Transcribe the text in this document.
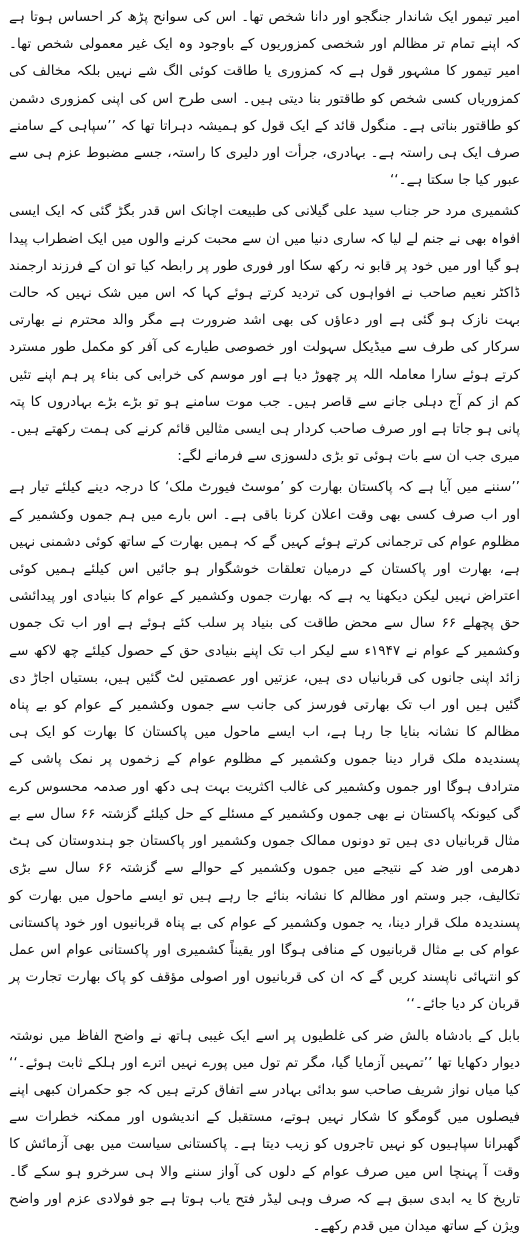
امیر تیمور ایک شاندار جنگجو اور دانا شخص تھا۔ اس کی سوانح پڑھ کر احساس ہوتا ہے کہ اپنے تمام تر مظالم اور شخصی کمزوریوں کے باوجود وہ ایک غیر معمولی شخص تھا۔ امیر تیمور کا مشہور قول ہے کہ کمزوری یا طاقت کوئی الگ شے نہیں بلکہ مخالف کی کمزوریاں کسی شخص کو طاقتور بنا دیتی ہیں۔ اسی طرح اس کی اپنی کمزوری دشمن کو طاقتور بناتی ہے۔ منگول قائد کے ایک قول کو ہمیشہ دہراتا تھا کہ ’’سپاہی کے سامنے صرف ایک ہی راستہ ہے۔ بہادری، جرأت اور دلیری کا راستہ، جسے مضبوط عزم ہی سے عبور کیا جا سکتا ہے۔‘‘

کشمیری مرد حر جناب سید علی گیلانی کی طبیعت اچانک اس قدر بگڑ گئی کہ ایک ایسی افواہ بھی نے جنم لے لیا کہ ساری دنیا میں ان سے محبت کرنے والوں میں ایک اضطراب پیدا ہو گیا اور میں خود پر قابو نہ رکھ سکا اور فوری طور پر رابطہ کیا تو ان کے فرزند ارجمند ڈاکٹر نعیم صاحب نے افواہوں کی تردید کرتے ہوئے کہا کہ اس میں شک نہیں کہ حالت بہت نازک ہو گئی ہے اور دعاؤں کی بھی اشد ضرورت ہے مگر والد محترم نے بھارتی سرکار کی طرف سے میڈیکل سہولت اور خصوصی طیارے کی آفر کو مکمل طور مسترد کرتے ہوئے سارا معاملہ اللہ پر چھوڑ دیا ہے اور موسم کی خرابی کی بناء پر ہم اپنے تئیں کم از کم آج دہلی جانے سے قاصر ہیں۔ جب موت سامنے ہو تو بڑے بڑے بہادروں کا پتہ پانی ہو جاتا ہے اور صرف صاحب کردار ہی ایسی مثالیں قائم کرنے کی ہمت رکھتے ہیں۔ میری جب ان سے بات ہوئی تو بڑی دلسوزی سے فرمانے لگے:

’’سننے میں آیا ہے کہ پاکستان بھارت کو ’موسٹ فیورٹ ملک‘ کا درجہ دینے کیلئے تیار ہے اور اب صرف کسی بھی وقت اعلان کرنا باقی ہے۔ اس بارے میں ہم جموں وکشمیر کے مظلوم عوام کی ترجمانی کرتے ہوئے کہیں گے کہ ہمیں بھارت کے ساتھ کوئی دشمنی نہیں ہے، بھارت اور پاکستان کے درمیان تعلقات خوشگوار ہو جائیں اس کیلئے ہمیں کوئی اعتراض نہیں لیکن دیکھنا یہ ہے کہ بھارت جموں وکشمیر کے عوام کا بنیادی اور پیدائشی حق پچھلے ۶۶ سال سے محض طاقت کی بنیاد پر سلب کئے ہوئے ہے اور اب تک جموں وکشمیر کے عوام نے ۱۹۴۷ء سے لیکر اب تک اپنے بنیادی حق کے حصول کیلئے چھ لاکھ سے زائد اپنی جانوں کی قربانیاں دی ہیں، عزتیں اور عصمتیں لٹ گئیں ہیں، بستیاں اجاڑ دی گئیں ہیں اور اب تک بھارتی فورسز کی جانب سے جموں وکشمیر کے عوام کو بے پناہ مظالم کا نشانہ بنایا جا رہا ہے، اب ایسے ماحول میں پاکستان کا بھارت کو ایک ہی پسندیدہ ملک قرار دینا جموں وکشمیر کے مظلوم عوام کے زخموں پر نمک پاشی کے مترادف ہوگا اور جموں وکشمیر کی غالب اکثریت بہت ہی دکھ اور صدمہ محسوس کرے گی کیونکہ پاکستان نے بھی جموں وکشمیر کے مسئلے کے حل کیلئے گزشتہ ۶۶ سال سے بے مثال قربانیاں دی ہیں تو دونوں ممالک جموں وکشمیر اور پاکستان جو ہندوستان کی ہٹ دھرمی اور ضد کے نتیجے میں جموں وکشمیر کے حوالے سے گزشتہ ۶۶ سال سے بڑی تکالیف، جبر وستم اور مظالم کا نشانہ بنائے جا رہے ہیں تو ایسے ماحول میں بھارت کو پسندیدہ ملک قرار دینا، یہ جموں وکشمیر کے عوام کی بے پناہ قربانیوں اور خود پاکستانی عوام کی بے مثال قربانیوں کے منافی ہوگا اور یقیناً کشمیری اور پاکستانی عوام اس عمل کو انتہائی ناپسند کریں گے کہ ان کی قربانیوں اور اصولی مؤقف کو پاک بھارت تجارت پر قربان کر دیا جائے۔‘‘

بابل کے بادشاہ بالش ضر کی غلطیوں پر اسے ایک غیبی ہاتھ نے واضح الفاظ میں نوشتہ دیوار دکھایا تھا ’’تمہیں آزمایا گیا، مگر تم تول میں پورے نہیں اترے اور ہلکے ثابت ہوئے۔‘‘ کیا میاں نواز شریف صاحب سو بدائی بہادر سے اتفاق کرتے ہیں کہ جو حکمران کبھی اپنے فیصلوں میں گومگو کا شکار نہیں ہوتے، مستقبل کے اندیشوں اور ممکنہ خطرات سے گھبرانا سپاہیوں کو نہیں تاجروں کو زیب دیتا ہے۔ پاکستانی سیاست میں بھی آزمائش کا وقت آ پہنچا اس میں صرف عوام کے دلوں کی آواز سننے والا ہی سرخرو ہو سکے گا۔ تاریخ کا یہ ابدی سبق ہے کہ صرف وہی لیڈر فتح یاب ہوتا ہے جو فولادی عزم اور واضح ویژن کے ساتھ میدان میں قدم رکھے۔
